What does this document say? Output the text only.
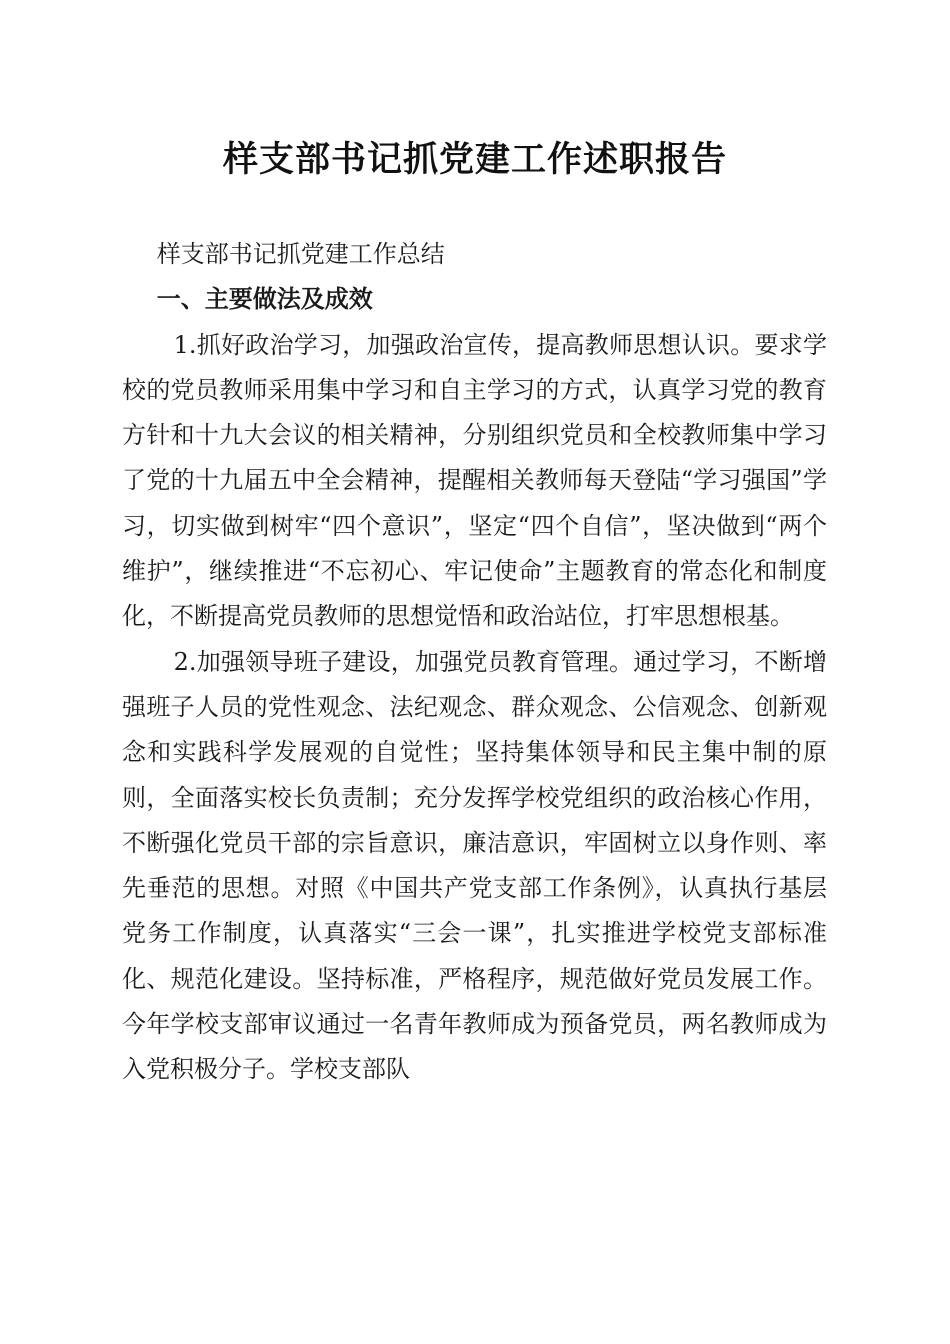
样支部书记抓党建工作述职报告

样支部书记抓党建工作总结

一、主要做法及成效

1.抓好政治学习，加强政治宣传，提高教师思想认识。要求学校的党员教师采用集中学习和自主学习的方式，认真学习党的教育方针和十九大会议的相关精神，分别组织党员和全校教师集中学习了党的十九届五中全会精神，提醒相关教师每天登陆“学习强国”学习，切实做到树牢“四个意识”，坚定“四个自信”，坚决做到“两个维护”，继续推进“不忘初心、牢记使命”主题教育的常态化和制度化，不断提高党员教师的思想觉悟和政治站位，打牢思想根基。

2.加强领导班子建设，加强党员教育管理。通过学习，不断增强班子人员的党性观念、法纪观念、群众观念、公信观念、创新观念和实践科学发展观的自觉性；坚持集体领导和民主集中制的原则，全面落实校长负责制；充分发挥学校党组织的政治核心作用，不断强化党员干部的宗旨意识，廉洁意识，牢固树立以身作则、率先垂范的思想。对照《中国共产党支部工作条例》，认真执行基层党务工作制度，认真落实“三会一课”，扎实推进学校党支部标准化、规范化建设。坚持标准，严格程序，规范做好党员发展工作。今年学校支部审议通过一名青年教师成为预备党员，两名教师成为入党积极分子。学校支部队
